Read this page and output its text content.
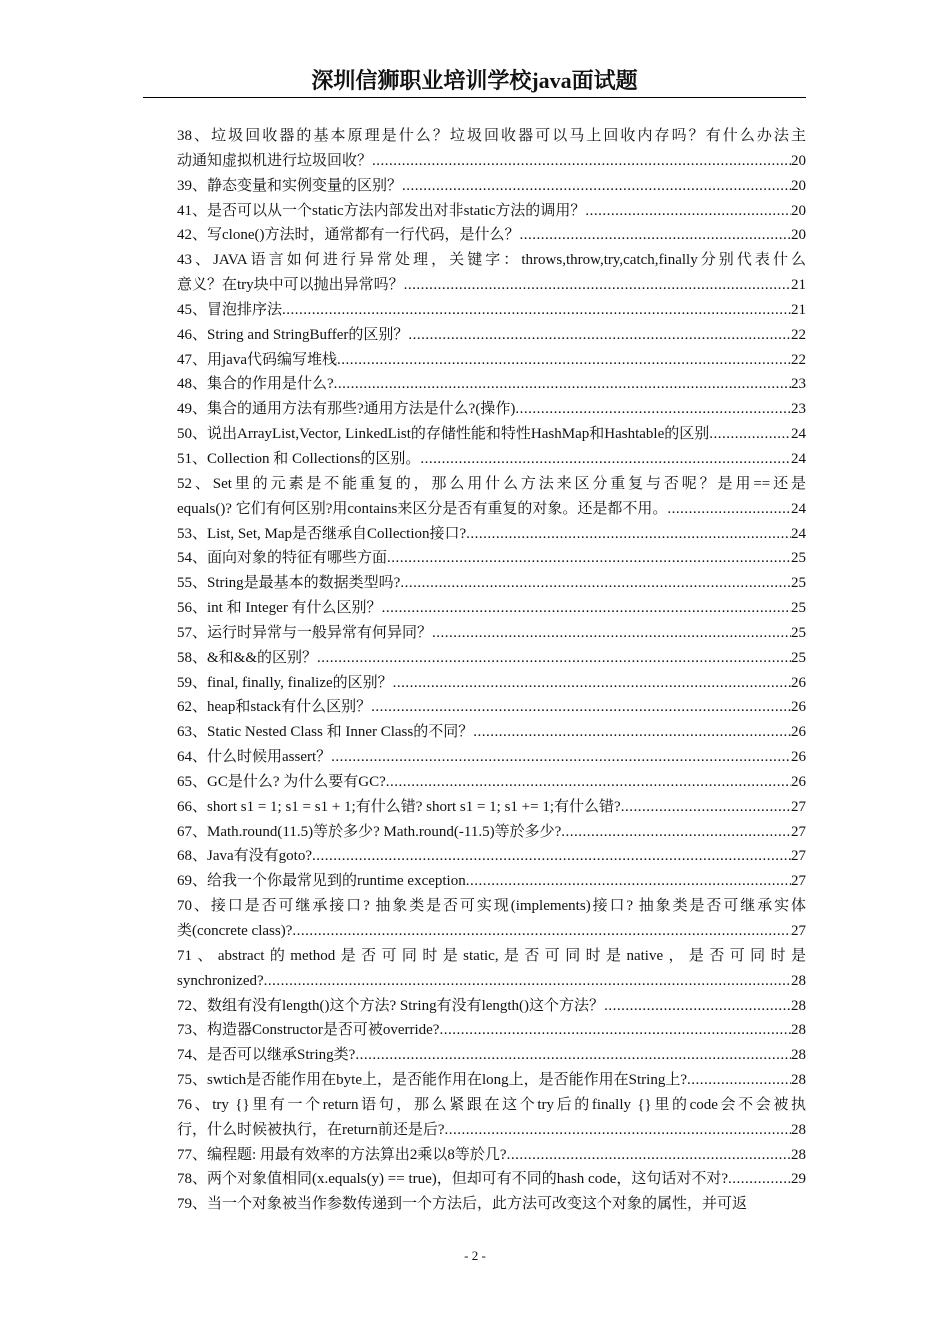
深圳信狮职业培训学校java面试题
38、垃圾回收器的基本原理是什么？垃圾回收器可以马上回收内存吗？有什么办法主
动通知虚拟机进行垃圾回收？ .....	20
39、静态变量和实例变量的区别？ .....	20
41、是否可以从一个static方法内部发出对非static方法的调用？ .....	20
42、写clone()方法时，通常都有一行代码，是什么？ .....	20
43、JAVA语言如何进行异常处理，关键字：throws,throw,try,catch,finally分别代表什么
意义？在try块中可以抛出异常吗？ .....	21
45、冒泡排序法 .....	21
46、String and StringBuffer的区别？ .....	22
47、用java代码编写堆栈 .....	22
48、集合的作用是什么? .....	23
49、集合的通用方法有那些?通用方法是什么?(操作) .....	23
50、说出ArrayList,Vector, LinkedList的存储性能和特性HashMap和Hashtable的区别 .....	24
51、Collection 和 Collections的区别。 .....	24
52、Set里的元素是不能重复的，那么用什么方法来区分重复与否呢？是用==还是
equals()? 它们有何区别?用contains来区分是否有重复的对象。还是都不用。 .....	24
53、List, Set, Map是否继承自Collection接口? .....	24
54、面向对象的特征有哪些方面 .....	25
55、String是最基本的数据类型吗? .....	25
56、int 和 Integer 有什么区别？ .....	25
57、运行时异常与一般异常有何异同？ .....	25
58、&和&&的区别？ .....	25
59、final, finally, finalize的区别？ .....	26
62、heap和stack有什么区别？ .....	26
63、Static Nested Class 和 Inner Class的不同？ .....	26
64、什么时候用assert？ .....	26
65、GC是什么? 为什么要有GC? .....	26
66、short s1 = 1; s1 = s1 + 1;有什么错? short s1 = 1; s1 += 1;有什么错? .....	27
67、Math.round(11.5)等於多少? Math.round(-11.5)等於多少? .....	27
68、Java有没有goto? .....	27
69、给我一个你最常见到的runtime exception .....	27
70、接口是否可继承接口? 抽象类是否可实现(implements)接口? 抽象类是否可继承实体
类(concrete class)? .....	27
71、abstract的method是否可同时是static,是否可同时是native，是否可同时是
synchronized? .....	28
72、数组有没有length()这个方法? String有没有length()这个方法？ .....	28
73、构造器Constructor是否可被override? .....	28
74、是否可以继承String类? .....	28
75、swtich是否能作用在byte上，是否能作用在long上，是否能作用在String上? .....	28
76、try {}里有一个return语句，那么紧跟在这个try后的finally {}里的code会不会被执
行，什么时候被执行，在return前还是后? .....	28
77、编程题: 用最有效率的方法算出2乘以8等於几? .....	28
78、两个对象值相同(x.equals(y) == true)，但却可有不同的hash code，这句话对不对? .....	29
79、当一个对象被当作参数传递到一个方法后，此方法可改变这个对象的属性，并可返
- 2 -
